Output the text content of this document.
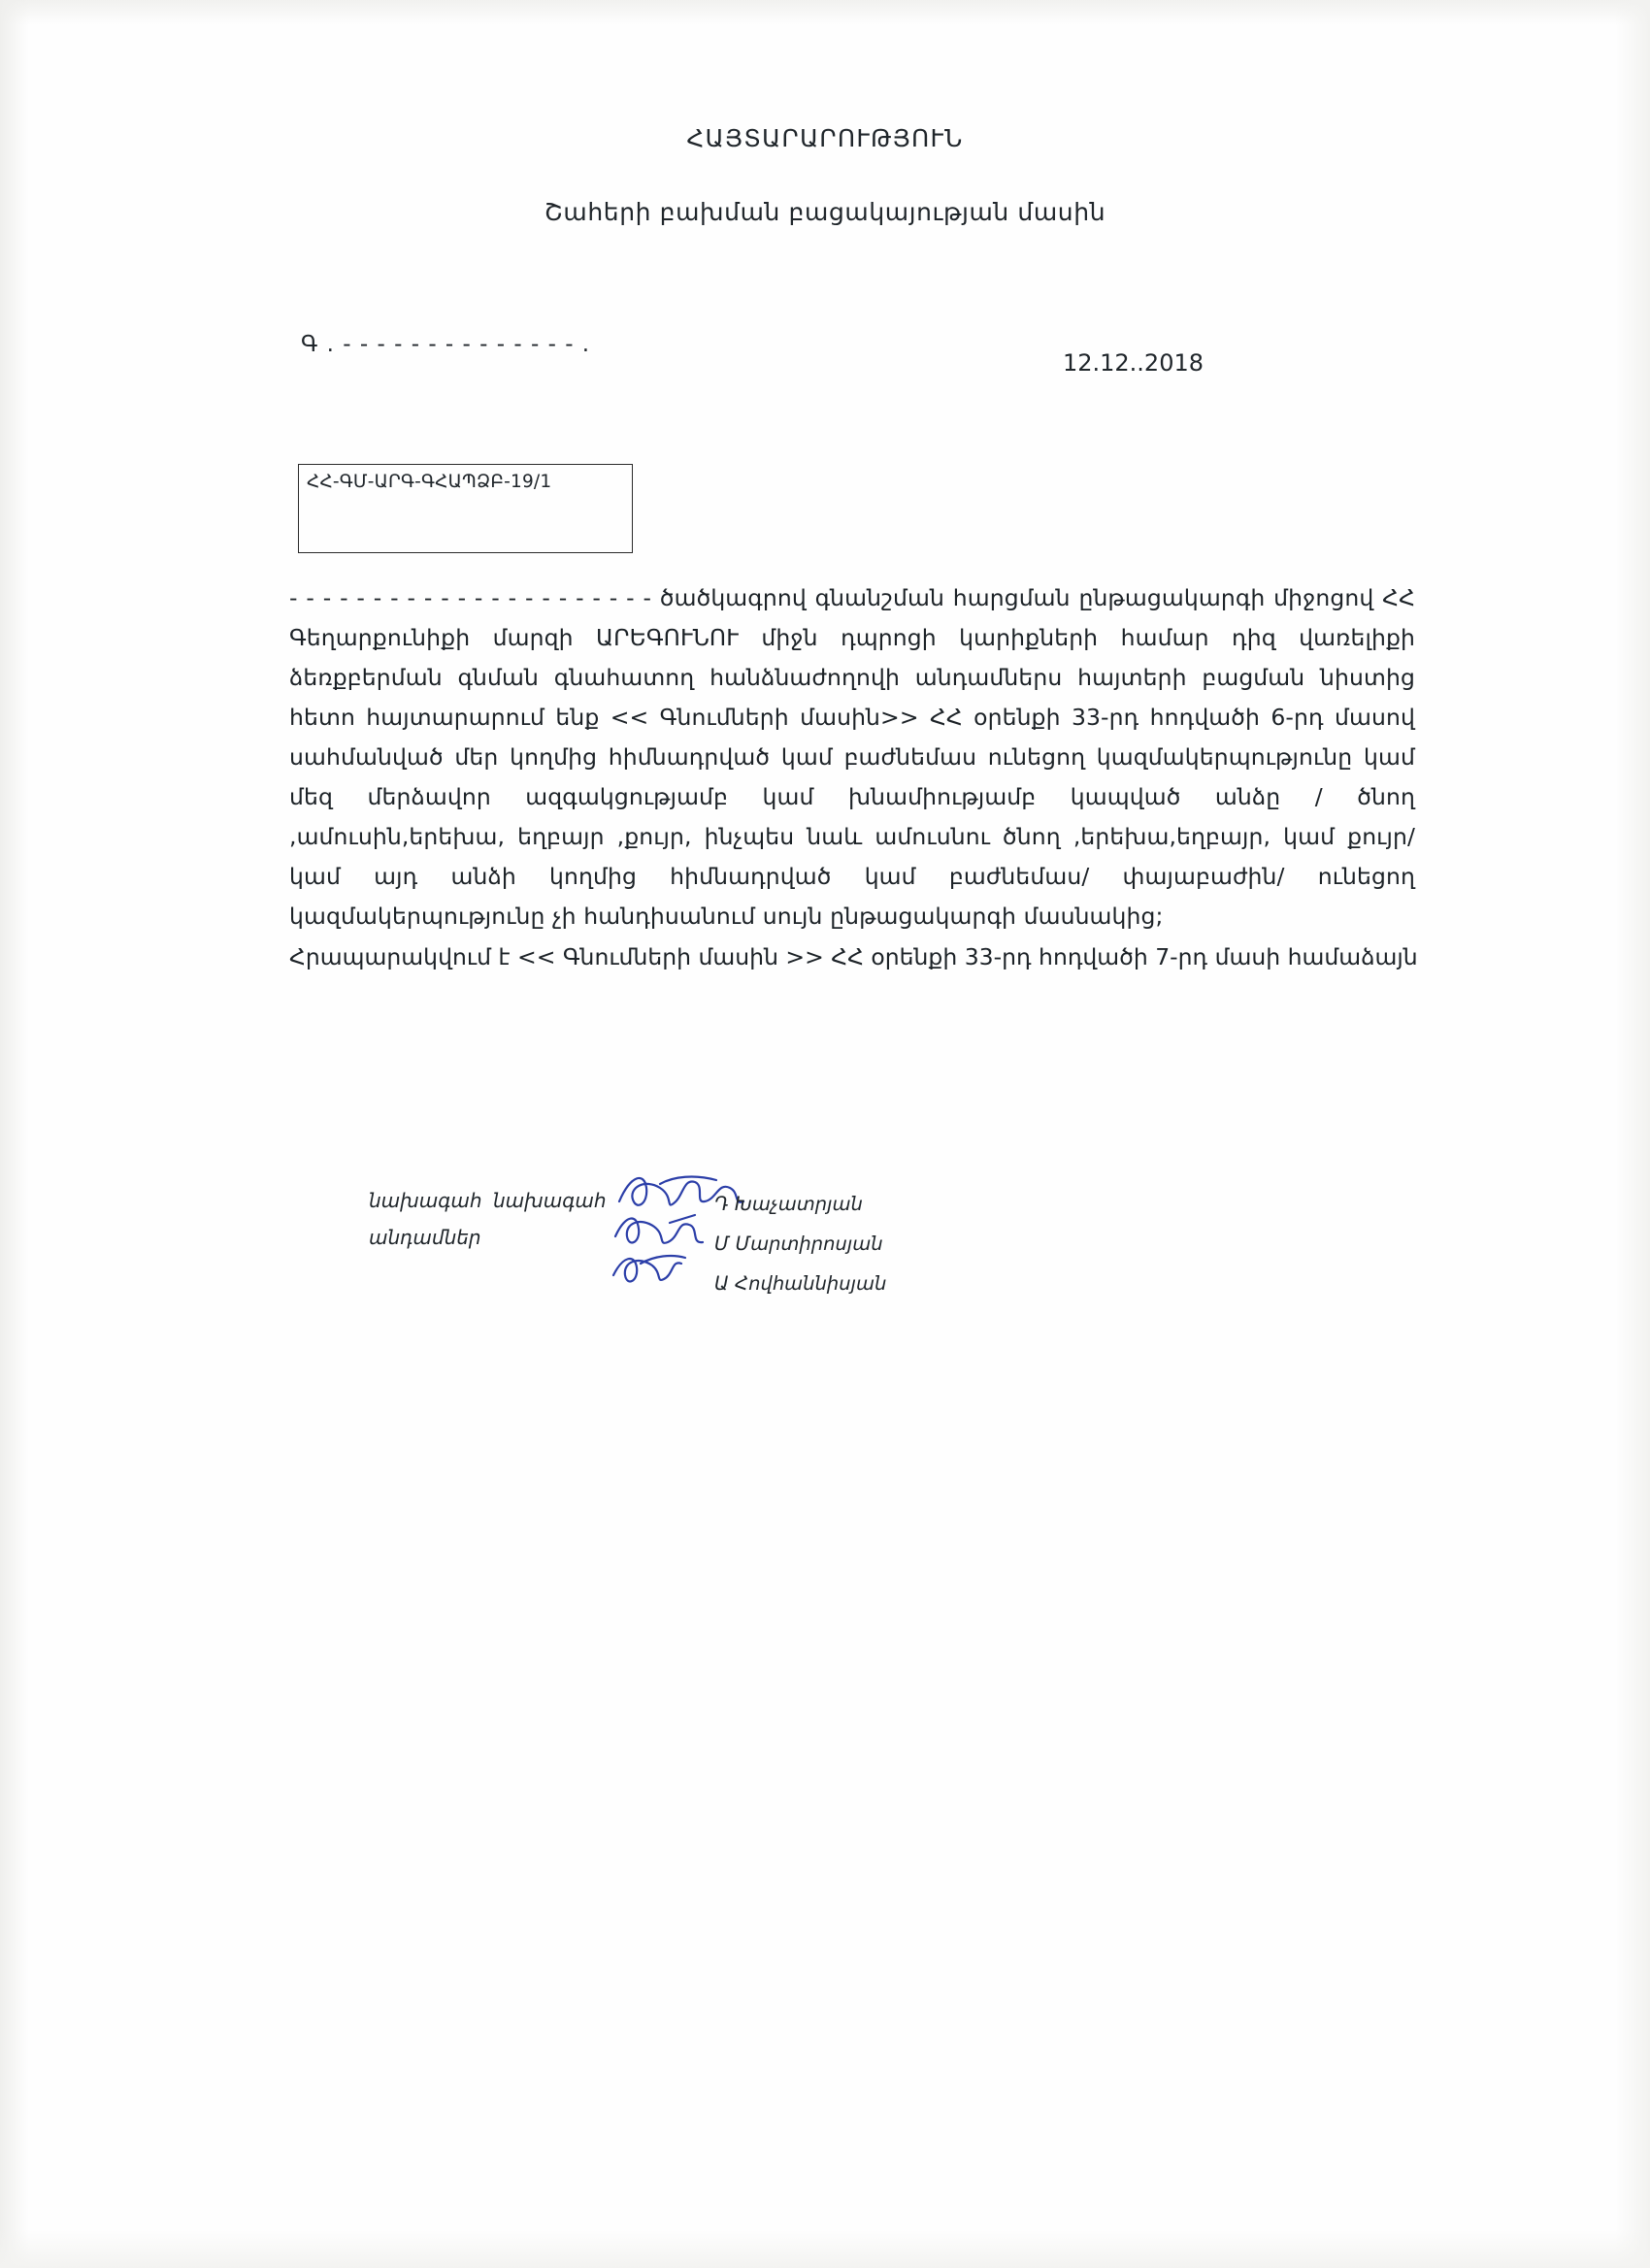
ՀԱՅՏԱՐԱՐՈՒԹՅՈՒՆ
Շահերի բախման բացակայության մասին
Գ . - - - - - - - - - - - - - - .
12.12..2018
ՀՀ-ԳՄ-ԱՐԳ-ԳՀԱՊՁԲ-19/1

- - - - - - - - - - - - - - - - - - - - - - ծածկագրով գնանշման հարցման ընթացակարգի միջոցով ՀՀ Գեղարքունիքի մարզի ԱՐԵԳՈՒՆՈՒ միջն դպրոցի կարիքների համար դիզ վառելիքի ձեռքբերման գնման գնահատող հանձնաժողովի անդամներս հայտերի բացման նիստից հետո հայտարարում ենք << Գնումների մասին>> ՀՀ օրենքի 33-րդ հոդվածի 6-րդ մասով սահմանված մեր կողմից հիմնադրված կամ բաժնեմաս ունեցող կազմակերպությունը կամ մեզ մերձավոր ազգակցությամբ կամ խնամիությամբ կապված անձը / ծնող ,ամուսին,երեխա, եղբայր ,քույր, ինչպես նաև ամուսնու ծնող ,երեխա,եղբայր, կամ քույր/ կամ այդ անձի կողմից հիմնադրված կամ բաժնեմաս/ փայաբաժին/ ունեցող կազմակերպությունը չի հանդիսանում սույն ընթացակարգի մասնակից;

Հրապարակվում է << Գնումների մասին >> ՀՀ օրենքի 33-րդ հոդվածի 7-րդ մասի համաձայն
նախագահ
անդամներ
նախագահ	Դ Խաչատրյան
Մ Մարտիրոսյան
Ա Հովհաննիսյան
